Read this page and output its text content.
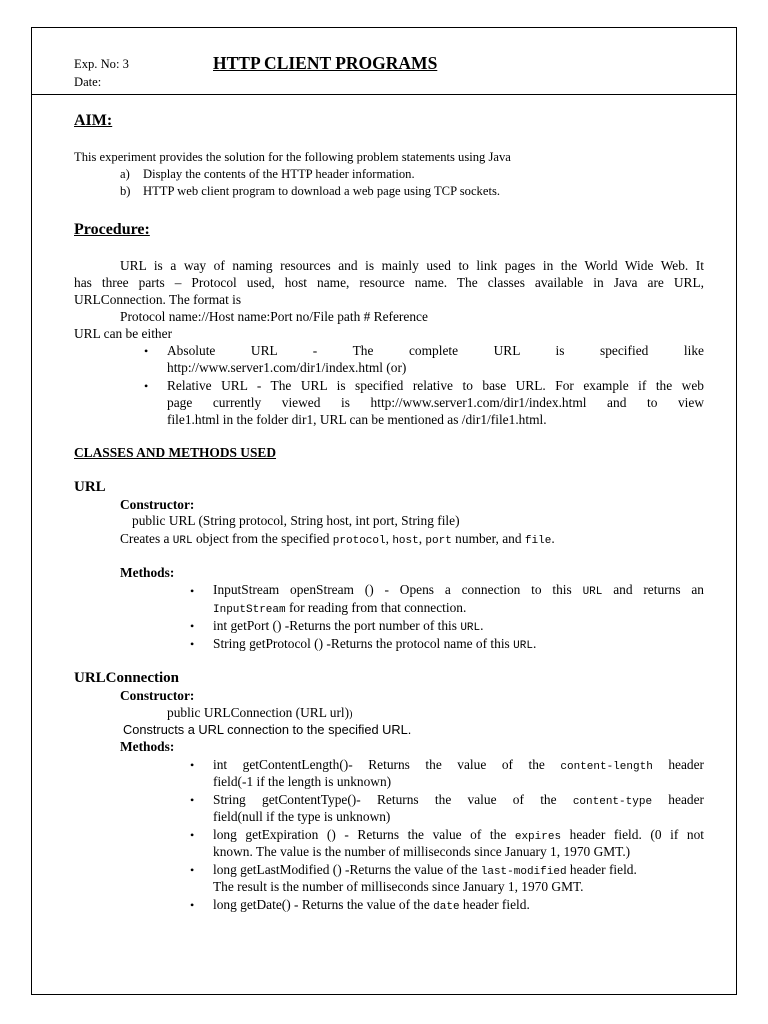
Exp. No: 3
Date:
HTTP CLIENT PROGRAMS
AIM:
This experiment provides the solution for the following problem statements using Java
a) Display the contents of the HTTP header information.
b) HTTP web client program to download a web page using TCP sockets.
Procedure:
URL is a way of naming resources and is mainly used to link pages in the World Wide Web. It
has three parts – Protocol used, host name, resource name. The classes available in Java are URL,
URLConnection. The format is
Protocol name://Host name:Port no/File path # Reference
URL can be either
• Absolute URL - The complete URL is specified like
http://www.server1.com/dir1/index.html (or)
• Relative URL - The URL is specified relative to base URL. For example if the web
page currently viewed is http://www.server1.com/dir1/index.html and to view
file1.html in the folder dir1, URL can be mentioned as /dir1/file1.html.
CLASSES AND METHODS USED
URL
Constructor:
public URL (String protocol, String host, int port, String file)
Creates a URL object from the specified protocol, host, port number, and file.
Methods:
• InputStream openStream () - Opens a connection to this URL and returns an
InputStream for reading from that connection.
• int getPort () -Returns the port number of this URL.
• String getProtocol () -Returns the protocol name of this URL.
URLConnection
Constructor:
public URLConnection (URL url))
Constructs a URL connection to the specified URL.
Methods:
• int getContentLength()- Returns the value of the content-length header
field(-1 if the length is unknown)
• String getContentType()- Returns the value of the content-type header
field(null if the type is unknown)
• long getExpiration () - Returns the value of the expires header field. (0 if not
known. The value is the number of milliseconds since January 1, 1970 GMT.)
• long getLastModified () -Returns the value of the last-modified header field.
The result is the number of milliseconds since January 1, 1970 GMT.
• long getDate() - Returns the value of the date header field.
